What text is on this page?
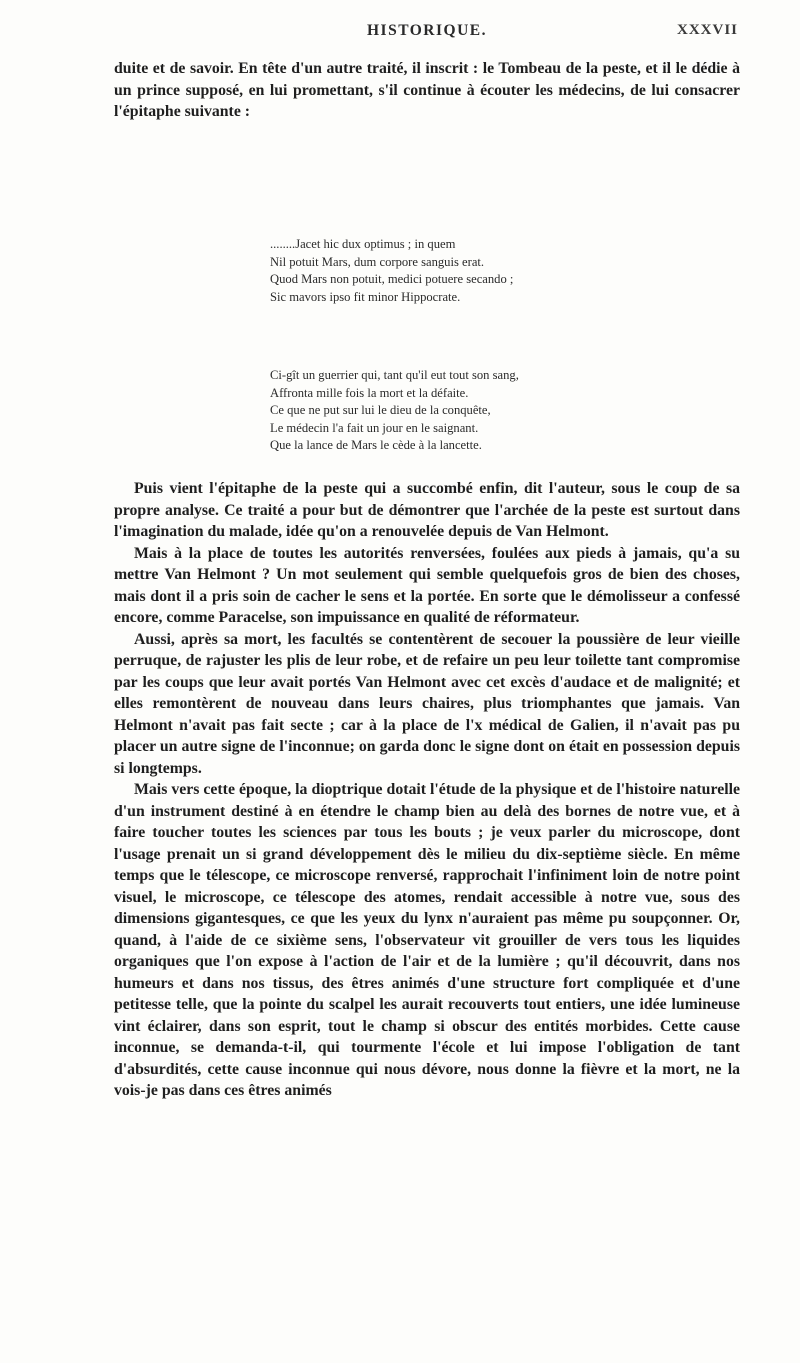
HISTORIQUE.	XXXVII

duite et de savoir. En tête d'un autre traité, il inscrit : le Tombeau de la peste, et il le dédie à un prince supposé, en lui promettant, s'il continue à écouter les médecins, de lui consacrer l'épitaphe suivante :

........Jacet hic dux optimus ; in quem
Nil potuit Mars, dum corpore sanguis erat.
Quod Mars non potuit, medici potuere secando ;
Sic mavors ipso fit minor Hippocrate.
Ci-gît un guerrier qui, tant qu'il eut tout son sang,
Affronta mille fois la mort et la défaite.
Ce que ne put sur lui le dieu de la conquête,
Le médecin l'a fait un jour en le saignant.
Que la lance de Mars le cède à la lancette.

Puis vient l'épitaphe de la peste qui a succombé enfin, dit l'auteur, sous le coup de sa propre analyse. Ce traité a pour but de démontrer que l'archée de la peste est surtout dans l'imagination du malade, idée qu'on a renouvelée depuis de Van Helmont.

Mais à la place de toutes les autorités renversées, foulées aux pieds à jamais, qu'a su mettre Van Helmont ? Un mot seulement qui semble quelquefois gros de bien des choses, mais dont il a pris soin de cacher le sens et la portée. En sorte que le démolisseur a confessé encore, comme Paracelse, son impuissance en qualité de réformateur.

Aussi, après sa mort, les facultés se contentèrent de secouer la poussière de leur vieille perruque, de rajuster les plis de leur robe, et de refaire un peu leur toilette tant compromise par les coups que leur avait portés Van Helmont avec cet excès d'audace et de malignité; et elles remontèrent de nouveau dans leurs chaires, plus triomphantes que jamais. Van Helmont n'avait pas fait secte ; car à la place de l'x médical de Galien, il n'avait pas pu placer un autre signe de l'inconnue; on garda donc le signe dont on était en possession depuis si longtemps.

Mais vers cette époque, la dioptrique dotait l'étude de la physique et de l'histoire naturelle d'un instrument destiné à en étendre le champ bien au delà des bornes de notre vue, et à faire toucher toutes les sciences par tous les bouts ; je veux parler du microscope, dont l'usage prenait un si grand développement dès le milieu du dix-septième siècle. En même temps que le télescope, ce microscope renversé, rapprochait l'infiniment loin de notre point visuel, le microscope, ce télescope des atomes, rendait accessible à notre vue, sous des dimensions gigantesques, ce que les yeux du lynx n'auraient pas même pu soupçonner. Or, quand, à l'aide de ce sixième sens, l'observateur vit grouiller de vers tous les liquides organiques que l'on expose à l'action de l'air et de la lumière ; qu'il découvrit, dans nos humeurs et dans nos tissus, des êtres animés d'une structure fort compliquée et d'une petitesse telle, que la pointe du scalpel les aurait recouverts tout entiers, une idée lumineuse vint éclairer, dans son esprit, tout le champ si obscur des entités morbides. Cette cause inconnue, se demanda-t-il, qui tourmente l'école et lui impose l'obligation de tant d'absurdités, cette cause inconnue qui nous dévore, nous donne la fièvre et la mort, ne la vois-je pas dans ces êtres animés
